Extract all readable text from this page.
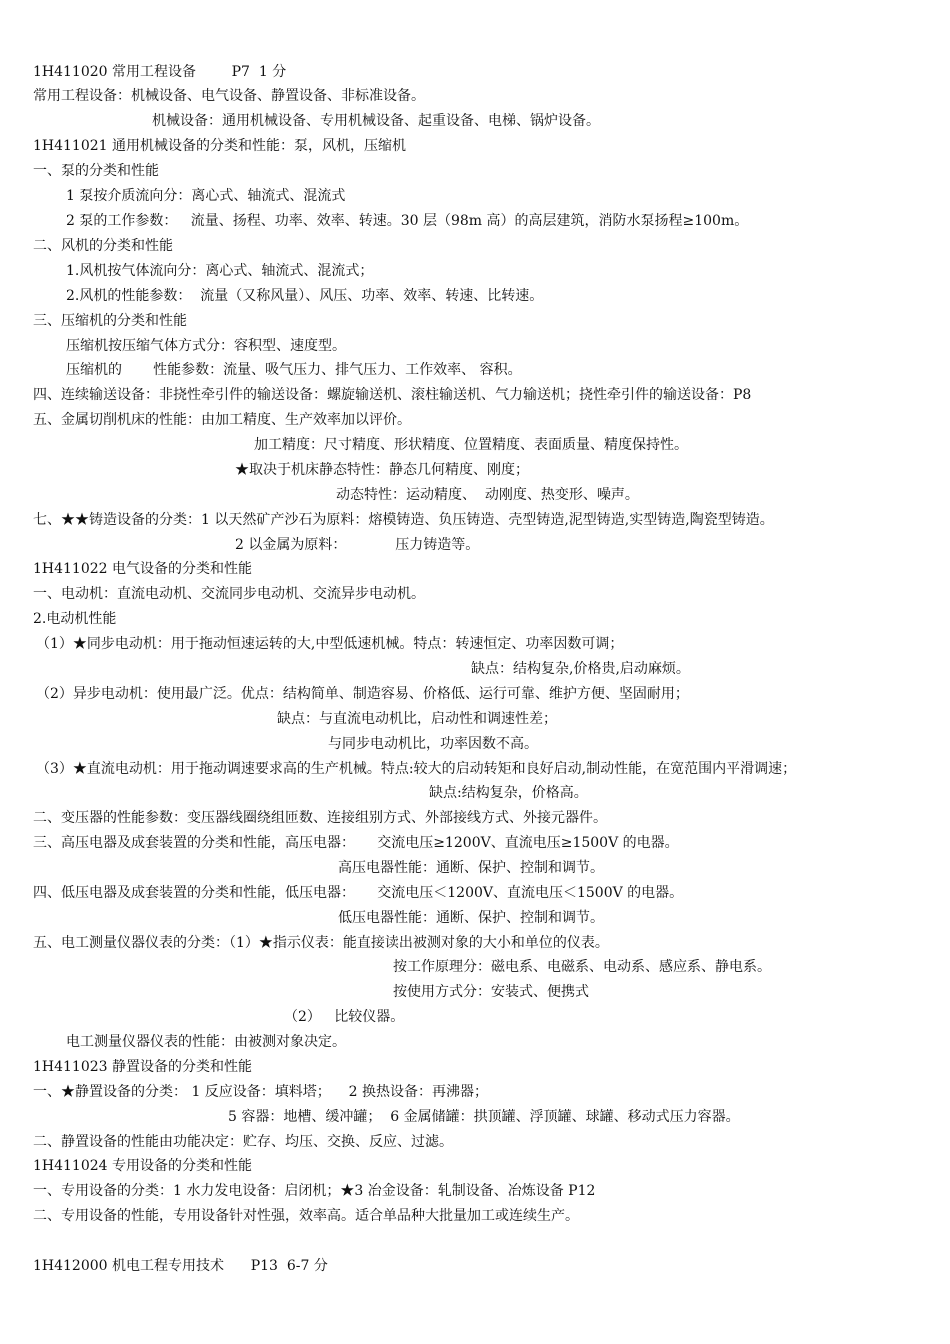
1H411020 常用工程设备        P7  1 分
常用工程设备：机械设备、电气设备、静置设备、非标准设备。
机械设备：通用机械设备、专用机械设备、起重设备、电梯、锅炉设备。
1H411021 通用机械设备的分类和性能：泵，风机，压缩机
一、泵的分类和性能
1 泵按介质流向分：离心式、轴流式、混流式
2 泵的工作参数：   流量、扬程、功率、效率、转速。30 层（98m 高）的高层建筑，消防水泵扬程≥100m。
二、风机的分类和性能
1.风机按气体流向分：离心式、轴流式、混流式；
2.风机的性能参数：  流量（又称风量）、风压、功率、效率、转速、比转速。
三、压缩机的分类和性能
压缩机按压缩气体方式分：容积型、速度型。
压缩机的       性能参数：流量、吸气压力、排气压力、工作效率、 容积。
四、连续输送设备：非挠性牵引件的输送设备：螺旋输送机、滚柱输送机、气力输送机；挠性牵引件的输送设备：P8
五、金属切削机床的性能：由加工精度、生产效率加以评价。
加工精度：尺寸精度、形状精度、位置精度、表面质量、精度保持性。
★取决于机床静态特性：静态几何精度、刚度；
动态特性：运动精度、  动刚度、热变形、噪声。
七、★★铸造设备的分类：1 以天然矿产沙石为原料：熔模铸造、负压铸造、壳型铸造,泥型铸造,实型铸造,陶瓷型铸造。
2 以金属为原料：           压力铸造等。
1H411022 电气设备的分类和性能
一、电动机：直流电动机、交流同步电动机、交流异步电动机。
2.电动机性能
（1）★同步电动机：用于拖动恒速运转的大,中型低速机械。特点：转速恒定、功率因数可调；
缺点：结构复杂,价格贵,启动麻烦。
（2）异步电动机：使用最广泛。优点：结构简单、制造容易、价格低、运行可靠、维护方便、坚固耐用；
缺点：与直流电动机比，启动性和调速性差；
与同步电动机比，功率因数不高。
（3）★直流电动机：用于拖动调速要求高的生产机械。特点:较大的启动转矩和良好启动,制动性能，在宽范围内平滑调速；
缺点:结构复杂，价格高。
二、变压器的性能参数：变压器线圈绕组匝数、连接组别方式、外部接线方式、外接元器件。
三、高压电器及成套装置的分类和性能，高压电器：     交流电压≥1200V、直流电压≥1500V 的电器。
高压电器性能：通断、保护、控制和调节。
四、低压电器及成套装置的分类和性能，低压电器：     交流电压＜1200V、直流电压＜1500V 的电器。
低压电器性能：通断、保护、控制和调节。
五、电工测量仪器仪表的分类：（1）★指示仪表：能直接读出被测对象的大小和单位的仪表。
按工作原理分：磁电系、电磁系、电动系、感应系、静电系。
按使用方式分：安装式、便携式
（2）   比较仪器。
电工测量仪器仪表的性能：由被测对象决定。
1H411023 静置设备的分类和性能
一、★静置设备的分类： 1 反应设备：填料塔；    2 换热设备：再沸器；
5 容器：地槽、缓冲罐；  6 金属储罐：拱顶罐、浮顶罐、球罐、移动式压力容器。
二、静置设备的性能由功能决定：贮存、均压、交换、反应、过滤。
1H411024 专用设备的分类和性能
一、专用设备的分类：1 水力发电设备：启闭机；★3 冶金设备：轧制设备、冶炼设备 P12
二、专用设备的性能，专用设备针对性强，效率高。适合单品种大批量加工或连续生产。
1H412000 机电工程专用技术      P13  6-7 分
